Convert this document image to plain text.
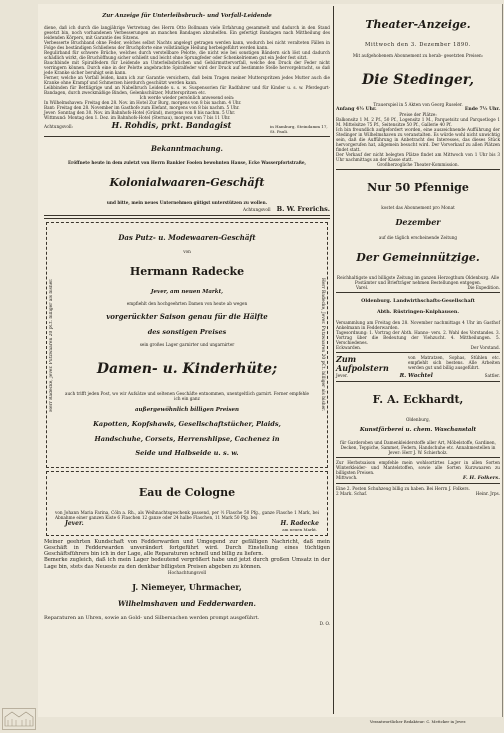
Zur Anzeige für Unterleibsbruch- und Vorfall-Leidende

diene, daß ich durch die langjährige Vertretung des Herrn Otto Bollmann viele Erfahrung gesammelt und dadurch in den Stand gesetzt bin, noch vorhandenen Verbesserungen an manchen Bandagen abzuhelfen. Ein gefertigt Bandagen nach Mittheilung des leidenden Körpers, mit Garantie des Sitzens.

Verbesserte Bruchband ohne Feder, welches selbst Nachts angelegt getragen werden kann, wodurch bei nicht veralteten Fällen in Folge des beständigen Schließens der Bruchpforte eine vollständige Heilung herbeigeführt werden kann.

Regulirband für schwere Brüche, welches durch verstellbare Pelotte, die nicht wie bei sonstigen Bändern sich löst und dadurch schädlich wirkt, die Bruchöffnung sicher schließt und leicht ohne Sprungfeder oder Schenkelriemen gut ein Jeder fest sitzt.

Bauchbinde mit Spiralfedern für Leidende an Unterleibsbrüchen und Gebärmuttervorfall, welche den Druck der Feder nicht verringern können. Durch eine in der Pelotte angebrachte Spiralfeder wird der Druck auf bestimmte Stelle hervorgebracht, so daß jede Kranke sicher beruhigt sein kann.

Ferner, welche an Vorfall leiden, kann ich zur Garantie versichern, daß beim Tragen meiner Mutterspritzen jedes Mutter auch die Kranke ohne Krampf und Schmerzen hierdurch geschützt werden kann.

Leibbinden für Bettlägrige und an Nabelbruch Leidende u. s. w. Suspensorien für Radfahrer und für Kinder u. s. w. Pferdegurt-Bandagen, durch zweckmäßige Binden, Gelenkschützer, Mutterspritzen etc.

Ich werde wieder persönlich anwesend sein:

In Wilhelmshaven: Freitag den 28. Nov. im Hotel Zur Burg, morgens von 8 bis nachm. 4 Uhr.

Bant: Freitag den 28. November im Gasthofe zum Elefant, morgens von 8 bis nachm. 5 Uhr.

Jever: Sonntag den 30. Nov. im Bahnhofs-Hotel (Gründ), morgens von 8 bis nachm. 5 Uhr.

Wittmund: Montag den 1. Dez. im Bahnhofs-Hotel (Sternau), morgens von 7 bis 11 Uhr.

Achtungsvoll:	H. Rohdis, prkt. Bandagist	in Hamburg, Steindamm 17, St. Pauli.

Bekanntmachung.

Eröffnete heute in dem zuletzt von Herrn Bankier Foolen bewohnten Hause, Ecke Wasserpfortstraße,

Kolonialwaaren-Geschäft

und bitte, mein neues Unternehmen gütigst unterstützen zu wollen.

Achtungsvoll B. W. Frerichs.
Herr Radecke, Jever. Putzwaaren 20 pCt. billiger als bisher.	Herr Radecke, Jever. Putzwaaren 20 pCt. billiger als bisher.

Das Putz- u. Modewaaren-Geschäft

von

Hermann Radecke

Jever, am neuen Markt,

empfiehlt den hochgeehrten Damen von heute ab wegen

vorgerückter Saison genau für die Hälfte

des sonstigen Preises

sein großes Lager garnirter und ungarnirter

Damen- u. Kinderhüte;

auch trifft jeden Post, wo wir Aufsätze und seltenen Geschäfte entnommen, unentgeltlich garnirt. Ferner empfehle ich ein ganz

außergewöhnlich billigen Preisen

Kapotten, Kopfshawls, Gesellschaftstücher, Plaids,

Handschuhe, Corsets, Herrenshlipse, Cachenez in

Seide und Halbseide u. s. w.

Eau de Cologne

von Johann Maria Farina, Cöln a. Rh., als Weihnachtsgeschenk passend, per ½ Flasche 50 Pfg., ganze Flasche 1 Mark, bei Abnahme einer ganzen Kiste 6 Flaschen 12 ganze oder 24 halbe Flaschen, 11 Mark 50 Pfg. bei

Jever.	H. Radecke
am neuen Markt.

Meiner geehrten Kundschaft von Fedderwarden und Umgegend zur gefälligen Nachricht, daß mein Geschäft in Fedderwarden unverändert fortgeführt wird. Durch Einstellung eines tüchtigen Geschäftsführers bin ich in der Lage, alle Reparaturen schnell und billig zu liefern.

Bemerke zugleich, daß ich mein Lager bedeutend vergrößert habe und jetzt durch großen Umsatz in der Lage bin, stets das Neueste zu den denkbar billigsten Preisen abgeben zu können.

Hochachtungsvoll

J. Niemeyer, Uhrmacher,

Wilhelmshaven und Fedderwarden.

Reparaturen an Uhren, sowie an Gold- und Silbersachen werden prompt ausgeführt.

D. O.

Theater-Anzeige.

Mittwoch den 3. Dezember 1890.

Mit aufgehobenem Abonnement zu herab- gesetzten Preisen:

Die Stedinger,

Trauerspiel in 5 Akten von Georg Ruseler.

Anfang 4½ Uhr.	Ende 7½ Uhr.

Preise der Plätze:

Balkonsitz 1 M. 2 Pf., 50 Pf., Logensitz 1 M., Parquetsitz und Parquetloge 1 M. Mittelsitze 75 Pf., Seitensitze 50 Pf., Gallerie 40 Pf.

Ich bin freundlich aufgefordert worden, eine auszeichnende Aufführung der Stedinger in Wilhelmshaven zu veranstalten. Es würde wohl nicht unwichtig sein, daß die Aufführung in Anbetracht des Interesses, das dieses Stück hervorgerufen hat, allgemein besucht wird. Der Vorverkauf zu allen Plätzen findet statt.

Der Verkauf der nicht belegten Plätze findet am Mittwoch von 1 Uhr bis 3 Uhr nachmittags an der Kasse statt.

Großherzogliche Theater-Kommission.

Nur 50 Pfennige

kostet das Abonnement pro Monat

Dezember

auf die täglich erscheinende Zeitung

Der Gemeinnützige.

Reichhaltigste und billigste Zeitung im ganzen Herzogthum Oldenburg. Alle Postämter und Briefträger nehmen Bestellungen entgegen.

Varel.	Die Expedition.

Oldenburg. Landwirthschafts-Gesellschaft

Abth. Rüstringen-Kniphausen.

Versammlung am Freitag den 28. November nachmittags 4 Uhr im Gasthof Ankelmann in Fedderwarden.

Tagesordnung: 1. Vortrag der Abth. Hanno- vers. 2. Wahl des Vorstandes. 3. Vortrag über die Bedeutung der Viehzucht. 4. Mittheilungen. 5. Verschiedenes.

Eckwarden.	Der Vorstand.
Zum Aufpolstern
von Matratzen, Sophas, Stühlen etc. empfiehlt sich bestens. Alle Arbeiten werden gut und billig ausgeführt.
Jever.	R. Wachtel	Sattler.

F. A. Eckhardt,

Oldenburg,

Kunstfärberei u. chem. Waschanstalt

für Garderoben und Damenkleiderstoffe aller Art, Möbelstoffe, Gardinen, Decken, Teppiche, Sammet, Federn, Handschuhe etc. Annahmestellen in Jever: Herr J. W. Schierholz.

Zur Herbstsaison empfehle mein wohlsortirtes Lager in allen Sorten Winterkleider- und Mantelstoffen, sowie alle Sorten Kurzwaaren zu billigsten Preisen.

Mittwoch.	F. H. Folkers.

Eine 2. Posten Schuhzeug billig zu haben. Bei Herrn J. Folkers.

2 Mark. Schaf.	Heinr. Jrps.
Verantwortlicher Redakteur: C. Mettcker in Jever.
